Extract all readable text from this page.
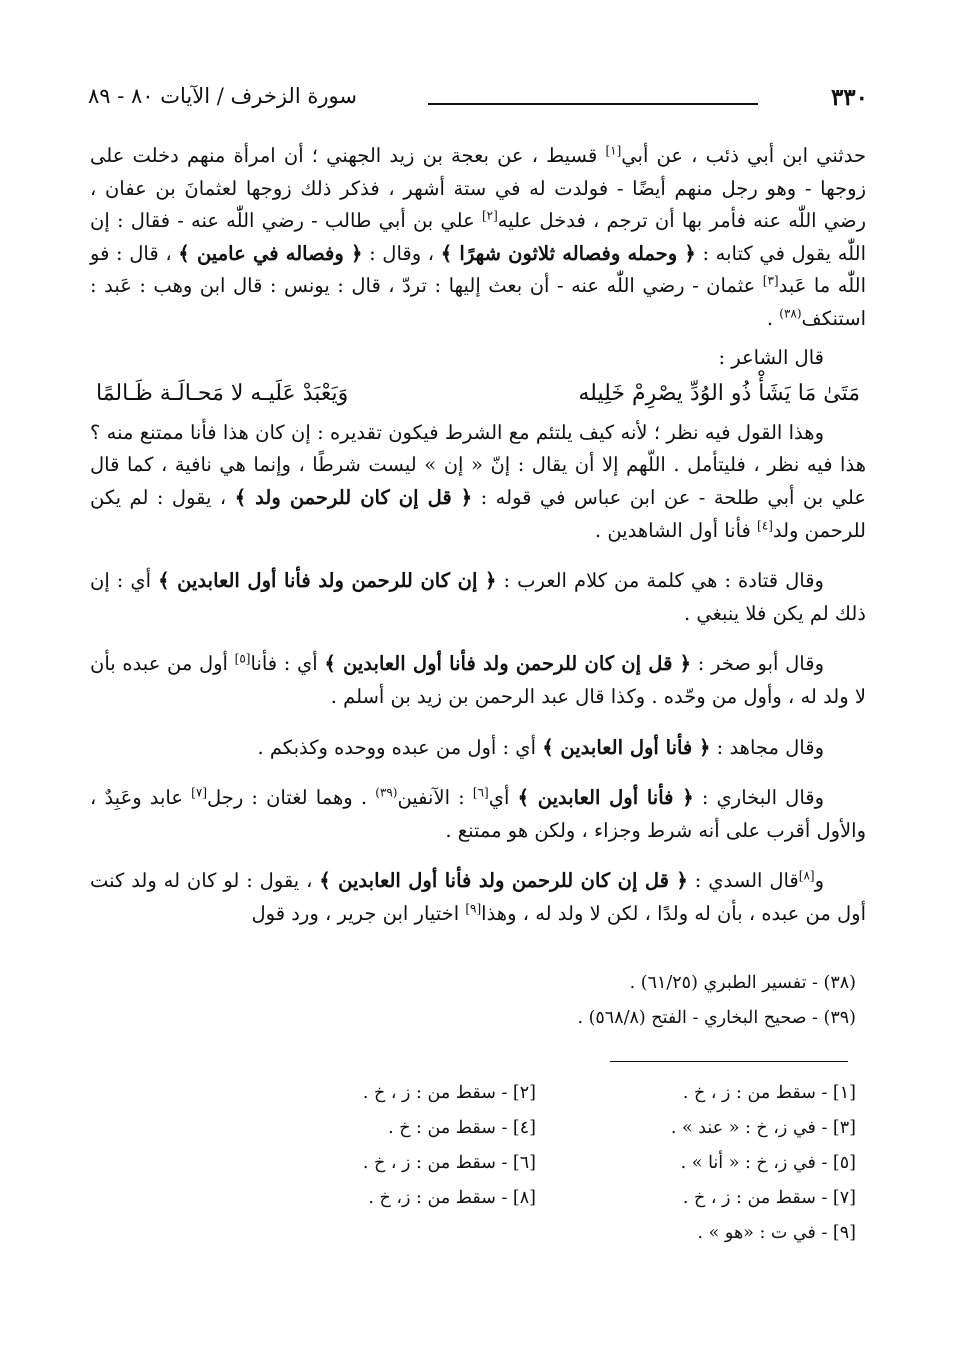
٣٣٠
سورة الزخرف / الآيات ٨٠ - ٨٩

حدثني ابن أبي ذئب ، عن أبي[١] قسيط ، عن بعجة بن زيد الجهني ؛ أن امرأة منهم دخلت على زوجها - وهو رجل منهم أيضًا - فولدت له في ستة أشهر ، فذكر ذلك زوجها لعثمانَ بن عفان ، رضي اللّٰه عنه فأمر بها أن ترجم ، فدخل عليه[٢] علي بن أبي طالب - رضي اللّٰه عنه - فقال : إن اللّٰه يقول في كتابه : ﴿ وحمله وفصاله ثلاثون شهرًا ﴾ ، وقال : ﴿ وفصاله في عامين ﴾ ، قال : فو اللّٰه ما عَبد[٣] عثمان - رضي اللّٰه عنه - أن بعث إليها : تردّ ، قال : يونس : قال ابن وهب : عَبد : استنكف$^{(٣٨)}$ .

قال الشاعر :

مَتَىٰ مَا يَشَأْ ذُو الوُدِّ يصْرِمْ خَلِيله
وَيَعْبَدْ عَلَيـه لا مَحـالَـة ظَـالمًا

وهذا القول فيه نظر ؛ لأنه كيف يلتئم مع الشرط فيكون تقديره : إن كان هذا فأنا ممتنع منه ؟ هذا فيه نظر ، فليتأمل . اللّهم إلا أن يقال : إنّ « إن » ليست شرطًا ، وإنما هي نافية ، كما قال علي بن أبي طلحة - عن ابن عباس في قوله : ﴿ قل إن كان للرحمن ولد ﴾ ، يقول : لم يكن للرحمن ولد[٤] فأنا أول الشاهدين .

وقال قتادة : هي كلمة من كلام العرب : ﴿ إن كان للرحمن ولد فأنا أول العابدين ﴾ أي : إن ذلك لم يكن فلا ينبغي .

وقال أبو صخر : ﴿ قل إن كان للرحمن ولد فأنا أول العابدين ﴾ أي : فأنا[٥] أول من عبده بأن لا ولد له ، وأول من وحّده . وكذا قال عبد الرحمن بن زيد بن أسلم .

وقال مجاهد : ﴿ فأنا أول العابدين ﴾ أي : أول من عبده ووحده وكذبكم .

وقال البخاري : ﴿ فأنا أول العابدين ﴾ أي[٦] : الآنفين$^{(٣٩)}$ . وهما لغتان : رجل[٧] عابد وعَبِدٌ ، والأول أقرب على أنه شرط وجزاء ، ولكن هو ممتنع .

و[٨]قال السدي : ﴿ قل إن كان للرحمن ولد فأنا أول العابدين ﴾ ، يقول : لو كان له ولد كنت أول من عبده ، بأن له ولدًا ، لكن لا ولد له ، وهذا[٩] اختيار ابن جرير ، ورد قول

(٣٨) - تفسير الطبري (٦١/٢٥) .

(٣٩) - صحيح البخاري - الفتح (٥٦٨/٨) .

[١] - سقط من : ز ، خ .
[٢] - سقط من : ز ، خ .
[٣] - في ز، خ : « عند » .
[٤] - سقط من : خ .
[٥] - في ز، خ : « أنا » .
[٦] - سقط من : ز ، خ .
[٧] - سقط من : ز ، خ .
[٨] - سقط من : ز، خ .
[٩] - في ت : «هو » .
